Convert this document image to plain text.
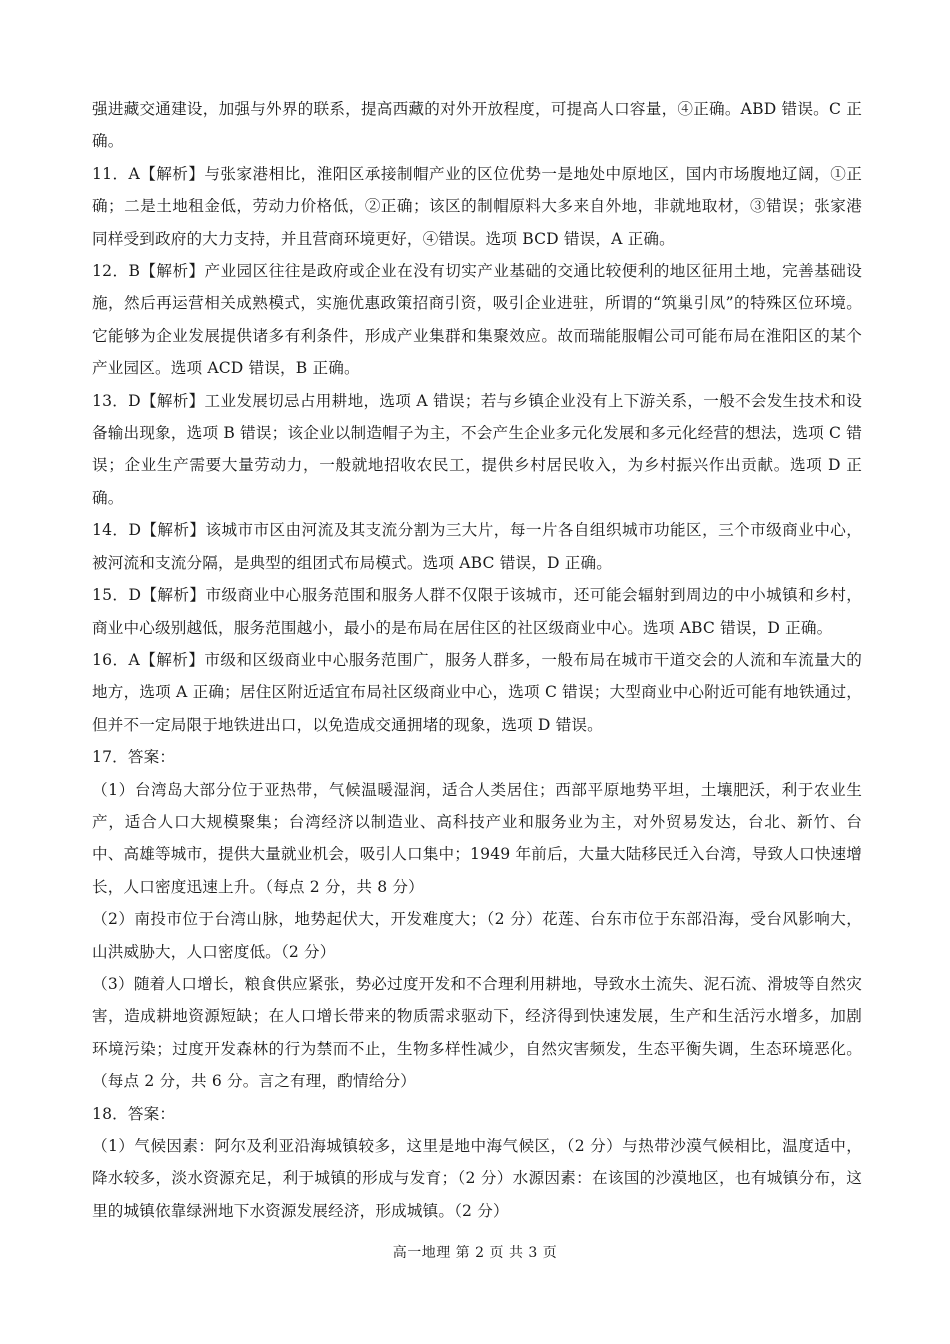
强进藏交通建设，加强与外界的联系，提高西藏的对外开放程度，可提高人口容量，④正确。ABD 错误。C 正确。

11．A【解析】与张家港相比，淮阳区承接制帽产业的区位优势一是地处中原地区，国内市场腹地辽阔，①正确；二是土地租金低，劳动力价格低，②正确；该区的制帽原料大多来自外地，非就地取材，③错误；张家港同样受到政府的大力支持，并且营商环境更好，④错误。选项 BCD 错误，A 正确。

12．B【解析】产业园区往往是政府或企业在没有切实产业基础的交通比较便利的地区征用土地，完善基础设施，然后再运营相关成熟模式，实施优惠政策招商引资，吸引企业进驻，所谓的“筑巢引凤”的特殊区位环境。它能够为企业发展提供诸多有利条件，形成产业集群和集聚效应。故而瑞能服帽公司可能布局在淮阳区的某个产业园区。选项 ACD 错误，B 正确。

13．D【解析】工业发展切忌占用耕地，选项 A 错误；若与乡镇企业没有上下游关系，一般不会发生技术和设备输出现象，选项 B 错误；该企业以制造帽子为主，不会产生企业多元化发展和多元化经营的想法，选项 C 错误；企业生产需要大量劳动力，一般就地招收农民工，提供乡村居民收入，为乡村振兴作出贡献。选项 D 正确。

14．D【解析】该城市市区由河流及其支流分割为三大片，每一片各自组织城市功能区，三个市级商业中心，被河流和支流分隔，是典型的组团式布局模式。选项 ABC 错误，D 正确。

15．D【解析】市级商业中心服务范围和服务人群不仅限于该城市，还可能会辐射到周边的中小城镇和乡村，商业中心级别越低，服务范围越小，最小的是布局在居住区的社区级商业中心。选项 ABC 错误，D 正确。

16．A【解析】市级和区级商业中心服务范围广，服务人群多，一般布局在城市干道交会的人流和车流量大的地方，选项 A 正确；居住区附近适宜布局社区级商业中心，选项 C 错误；大型商业中心附近可能有地铁通过，但并不一定局限于地铁进出口，以免造成交通拥堵的现象，选项 D 错误。

17．答案：

（1）台湾岛大部分位于亚热带，气候温暖湿润，适合人类居住；西部平原地势平坦，土壤肥沃，利于农业生产，适合人口大规模聚集；台湾经济以制造业、高科技产业和服务业为主，对外贸易发达，台北、新竹、台中、高雄等城市，提供大量就业机会，吸引人口集中；1949 年前后，大量大陆移民迁入台湾，导致人口快速增长，人口密度迅速上升。（每点 2 分，共 8 分）

（2）南投市位于台湾山脉，地势起伏大，开发难度大；（2 分）花莲、台东市位于东部沿海，受台风影响大，山洪威胁大，人口密度低。（2 分）

（3）随着人口增长，粮食供应紧张，势必过度开发和不合理利用耕地，导致水土流失、泥石流、滑坡等自然灾害，造成耕地资源短缺；在人口增长带来的物质需求驱动下，经济得到快速发展，生产和生活污水增多，加剧环境污染；过度开发森林的行为禁而不止，生物多样性减少，自然灾害频发，生态平衡失调，生态环境恶化。（每点 2 分，共 6 分。言之有理，酌情给分）

18．答案：

（1）气候因素：阿尔及利亚沿海城镇较多，这里是地中海气候区，（2 分）与热带沙漠气候相比，温度适中，降水较多，淡水资源充足，利于城镇的形成与发育；（2 分）水源因素：在该国的沙漠地区，也有城镇分布，这里的城镇依靠绿洲地下水资源发展经济，形成城镇。（2 分）

高一地理 第 2 页 共 3 页
